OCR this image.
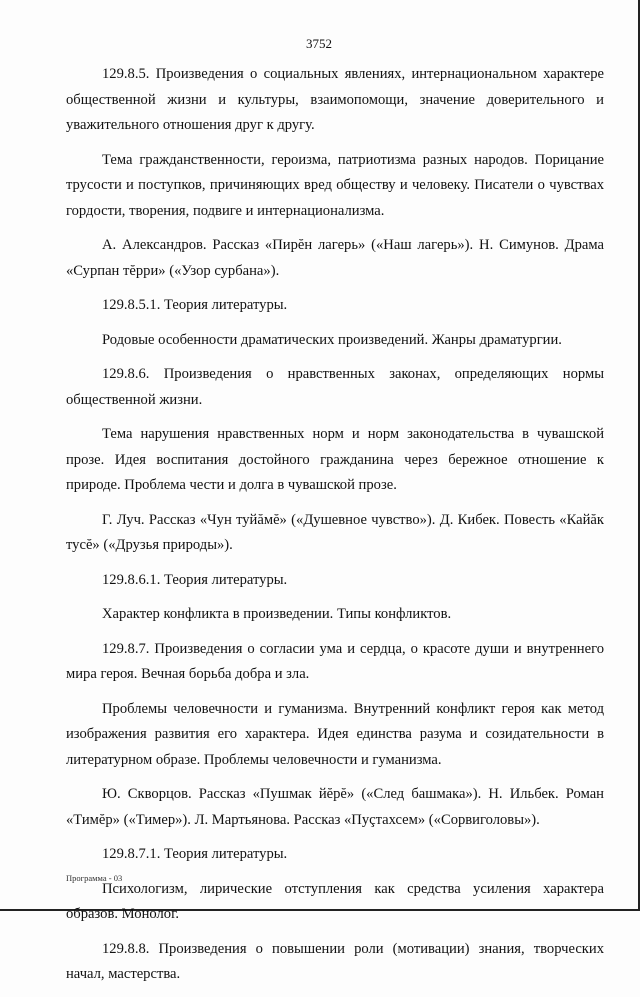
3752

129.8.5. Произведения о социальных явлениях, интернациональном характере общественной жизни и культуры, взаимопомощи, значение доверительного и уважительного отношения друг к другу.

Тема гражданственности, героизма, патриотизма разных народов. Порицание трусости и поступков, причиняющих вред обществу и человеку. Писатели о чувствах гордости, творения, подвиге и интернационализма.

А. Александров. Рассказ «Пирĕн лагерь» («Наш лагерь»). Н. Симунов. Драма «Сурпан тĕрри» («Узор сурбана»).

129.8.5.1. Теория литературы.

Родовые особенности драматических произведений. Жанры драматургии.

129.8.6. Произведения о нравственных законах, определяющих нормы общественной жизни.

Тема нарушения нравственных норм и норм законодательства в чувашской прозе. Идея воспитания достойного гражданина через бережное отношение к природе. Проблема чести и долга в чувашской прозе.

Г. Луч. Рассказ «Чун туйăмĕ» («Душевное чувство»). Д. Кибек. Повесть «Кайăк тусĕ» («Друзья природы»).

129.8.6.1. Теория литературы.

Характер конфликта в произведении. Типы конфликтов.

129.8.7. Произведения о согласии ума и сердца, о красоте души и внутреннего мира героя. Вечная борьба добра и зла.

Проблемы человечности и гуманизма. Внутренний конфликт героя как метод изображения развития его характера. Идея единства разума и созидательности в литературном образе. Проблемы человечности и гуманизма.

Ю. Скворцов. Рассказ «Пушмак йĕрĕ» («След башмака»). Н. Ильбек. Роман «Тимĕр» («Тимер»). Л. Мартьянова. Рассказ «Пуçтахсем» («Сорвиголовы»).

129.8.7.1. Теория литературы.

Психологизм, лирические отступления как средства усиления характера образов. Монолог.

129.8.8. Произведения о повышении роли (мотивации) знания, творческих начал, мастерства.

Программа - 03
